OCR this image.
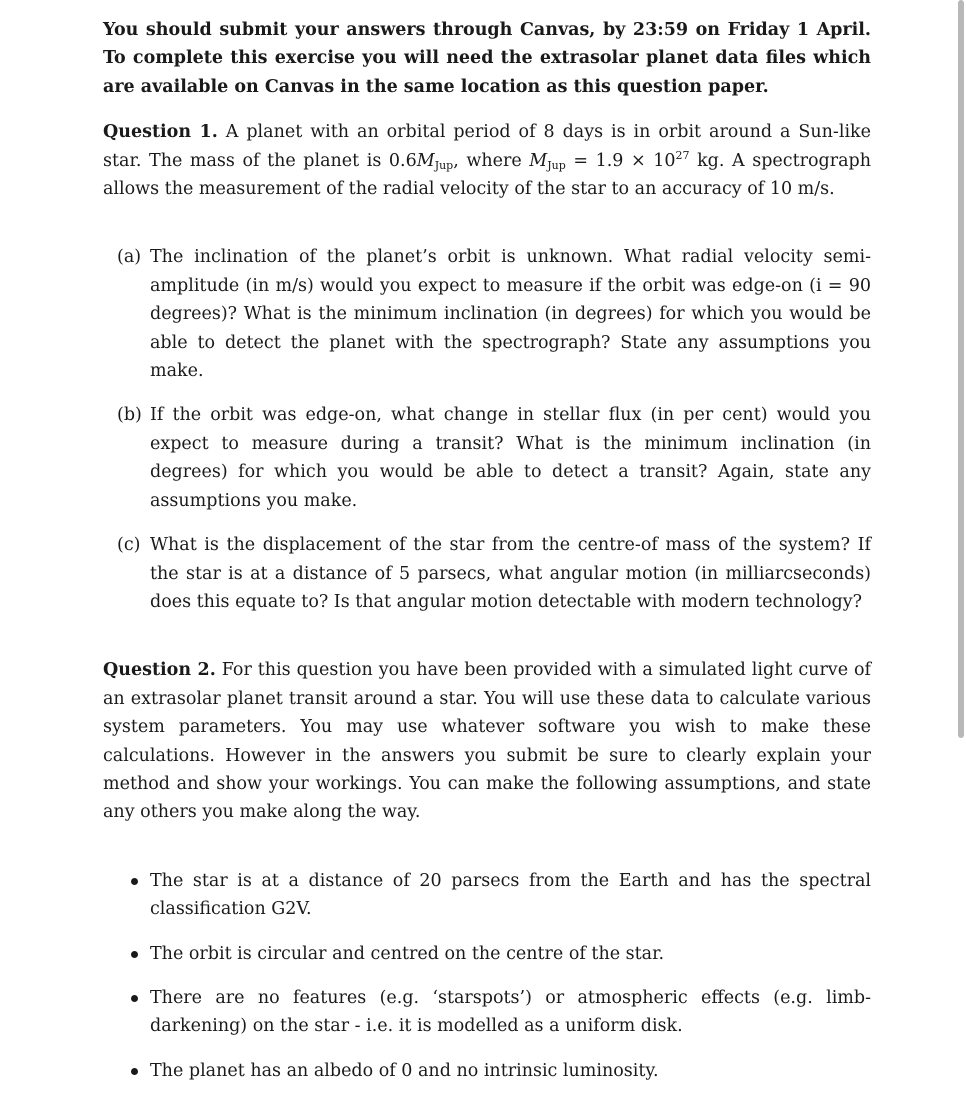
You should submit your answers through Canvas, by 23:59 on Friday 1 April. To complete this exercise you will need the extrasolar planet data files which are available on Canvas in the same location as this question paper.

Question 1. A planet with an orbital period of 8 days is in orbit around a Sun-like star. The mass of the planet is $0.6M_{Jup}$, where $M_{Jup} = 1.9 \times 10^{27}$ kg. A spectrograph allows the measurement of the radial velocity of the star to an accuracy of 10 m/s.

(a) The inclination of the planet’s orbit is unknown. What radial velocity semi-amplitude (in m/s) would you expect to measure if the orbit was edge-on (i = 90 degrees)? What is the minimum inclination (in degrees) for which you would be able to detect the planet with the spectrograph? State any assumptions you make.
(b) If the orbit was edge-on, what change in stellar flux (in per cent) would you expect to measure during a transit? What is the minimum inclination (in degrees) for which you would be able to detect a transit? Again, state any assumptions you make.
(c) What is the displacement of the star from the centre-of mass of the system? If the star is at a distance of 5 parsecs, what angular motion (in milliarcseconds) does this equate to? Is that angular motion detectable with modern technology?

Question 2. For this question you have been provided with a simulated light curve of an extrasolar planet transit around a star. You will use these data to calculate various system parameters. You may use whatever software you wish to make these calculations. However in the answers you submit be sure to clearly explain your method and show your workings. You can make the following assumptions, and state any others you make along the way.

The star is at a distance of 20 parsecs from the Earth and has the spectral classification G2V.
The orbit is circular and centred on the centre of the star.
There are no features (e.g. ‘starspots’) or atmospheric effects (e.g. limb-darkening) on the star - i.e. it is modelled as a uniform disk.
The planet has an albedo of 0 and no intrinsic luminosity.
